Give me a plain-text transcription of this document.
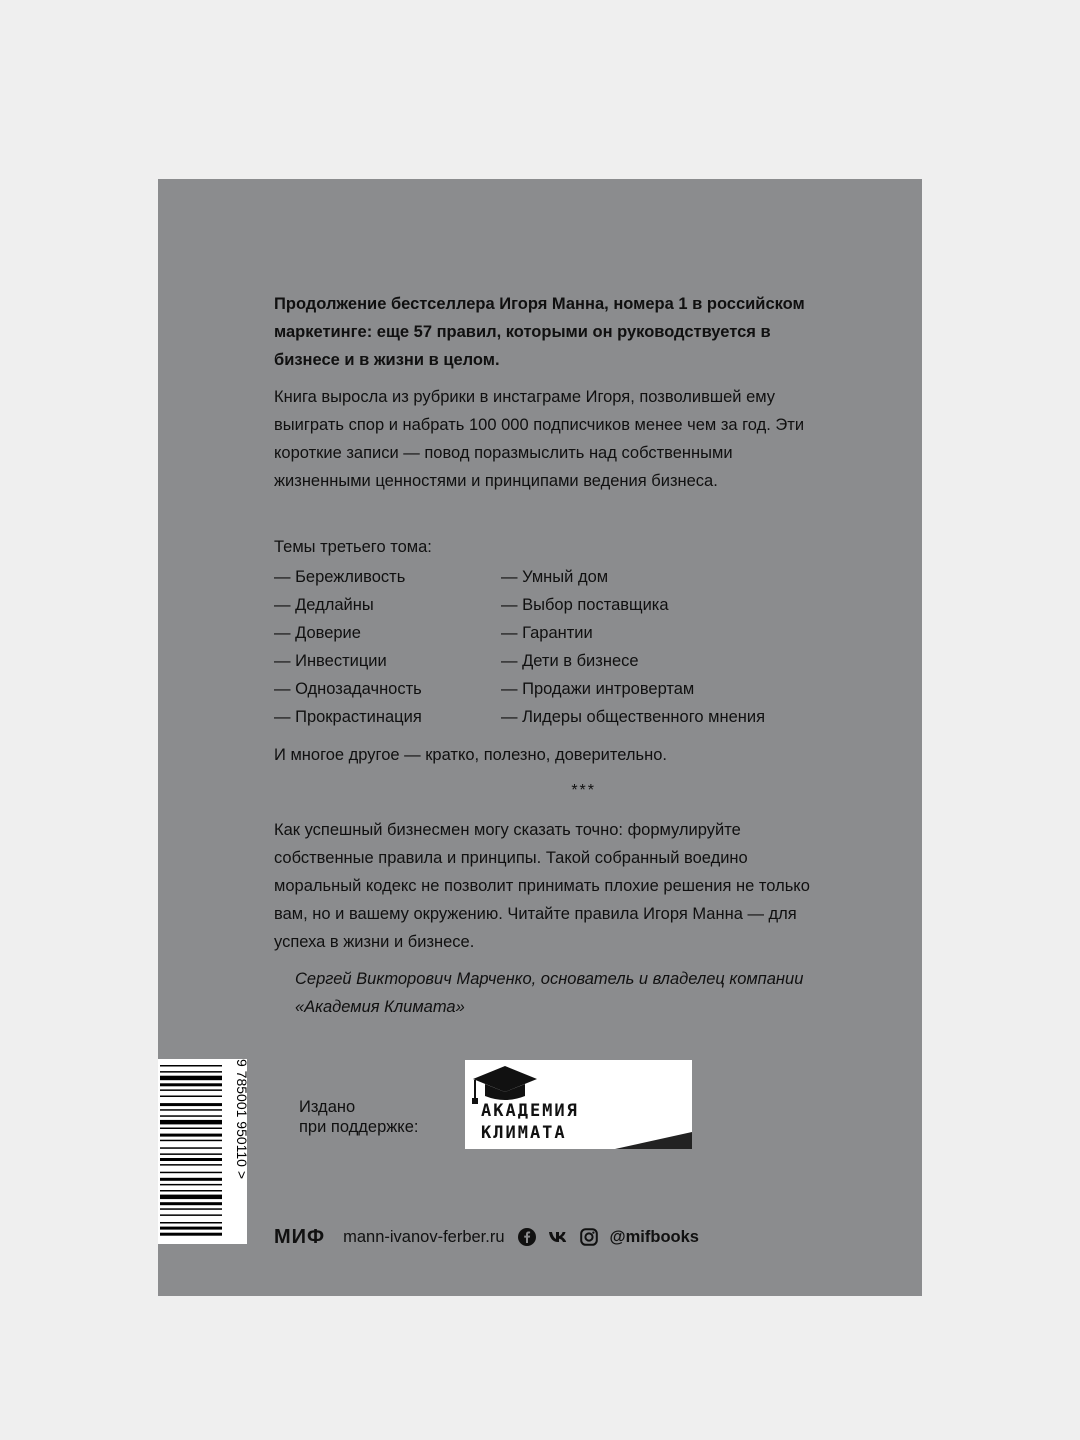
Продолжение бестселлера Игоря Манна, номера 1 в российском маркетинге: еще 57 правил, которыми он руководствуется в бизнесе и в жизни в целом.
Книга выросла из рубрики в инстаграме Игоря, позволившей ему выиграть спор и набрать 100 000 подписчиков менее чем за год. Эти короткие записи — повод поразмыслить над собственными жизненными ценностями и принципами ведения бизнеса.
Темы третьего тома:
— Бережливость
— Дедлайны
— Доверие
— Инвестиции
— Однозадачность
— Прокрастинация
— Умный дом
— Выбор поставщика
— Гарантии
— Дети в бизнесе
— Продажи интровертам
— Лидеры общественного мнения
И многое другое — кратко, полезно, доверительно.
***
Как успешный бизнесмен могу сказать точно: формулируйте собственные правила и принципы. Такой собранный воедино моральный кодекс не позволит принимать плохие решения не только вам, но и вашему окружению. Читайте правила Игоря Манна — для успеха в жизни и бизнесе.
Сергей Викторович Марченко, основатель и владелец компании «Академия Климата»
9 785001 950110 >	Издано
при поддержке:
АКАДЕМИЯ
КЛИМАТА
МИФ mann-ivanov-ferber.ru	@mifbooks
